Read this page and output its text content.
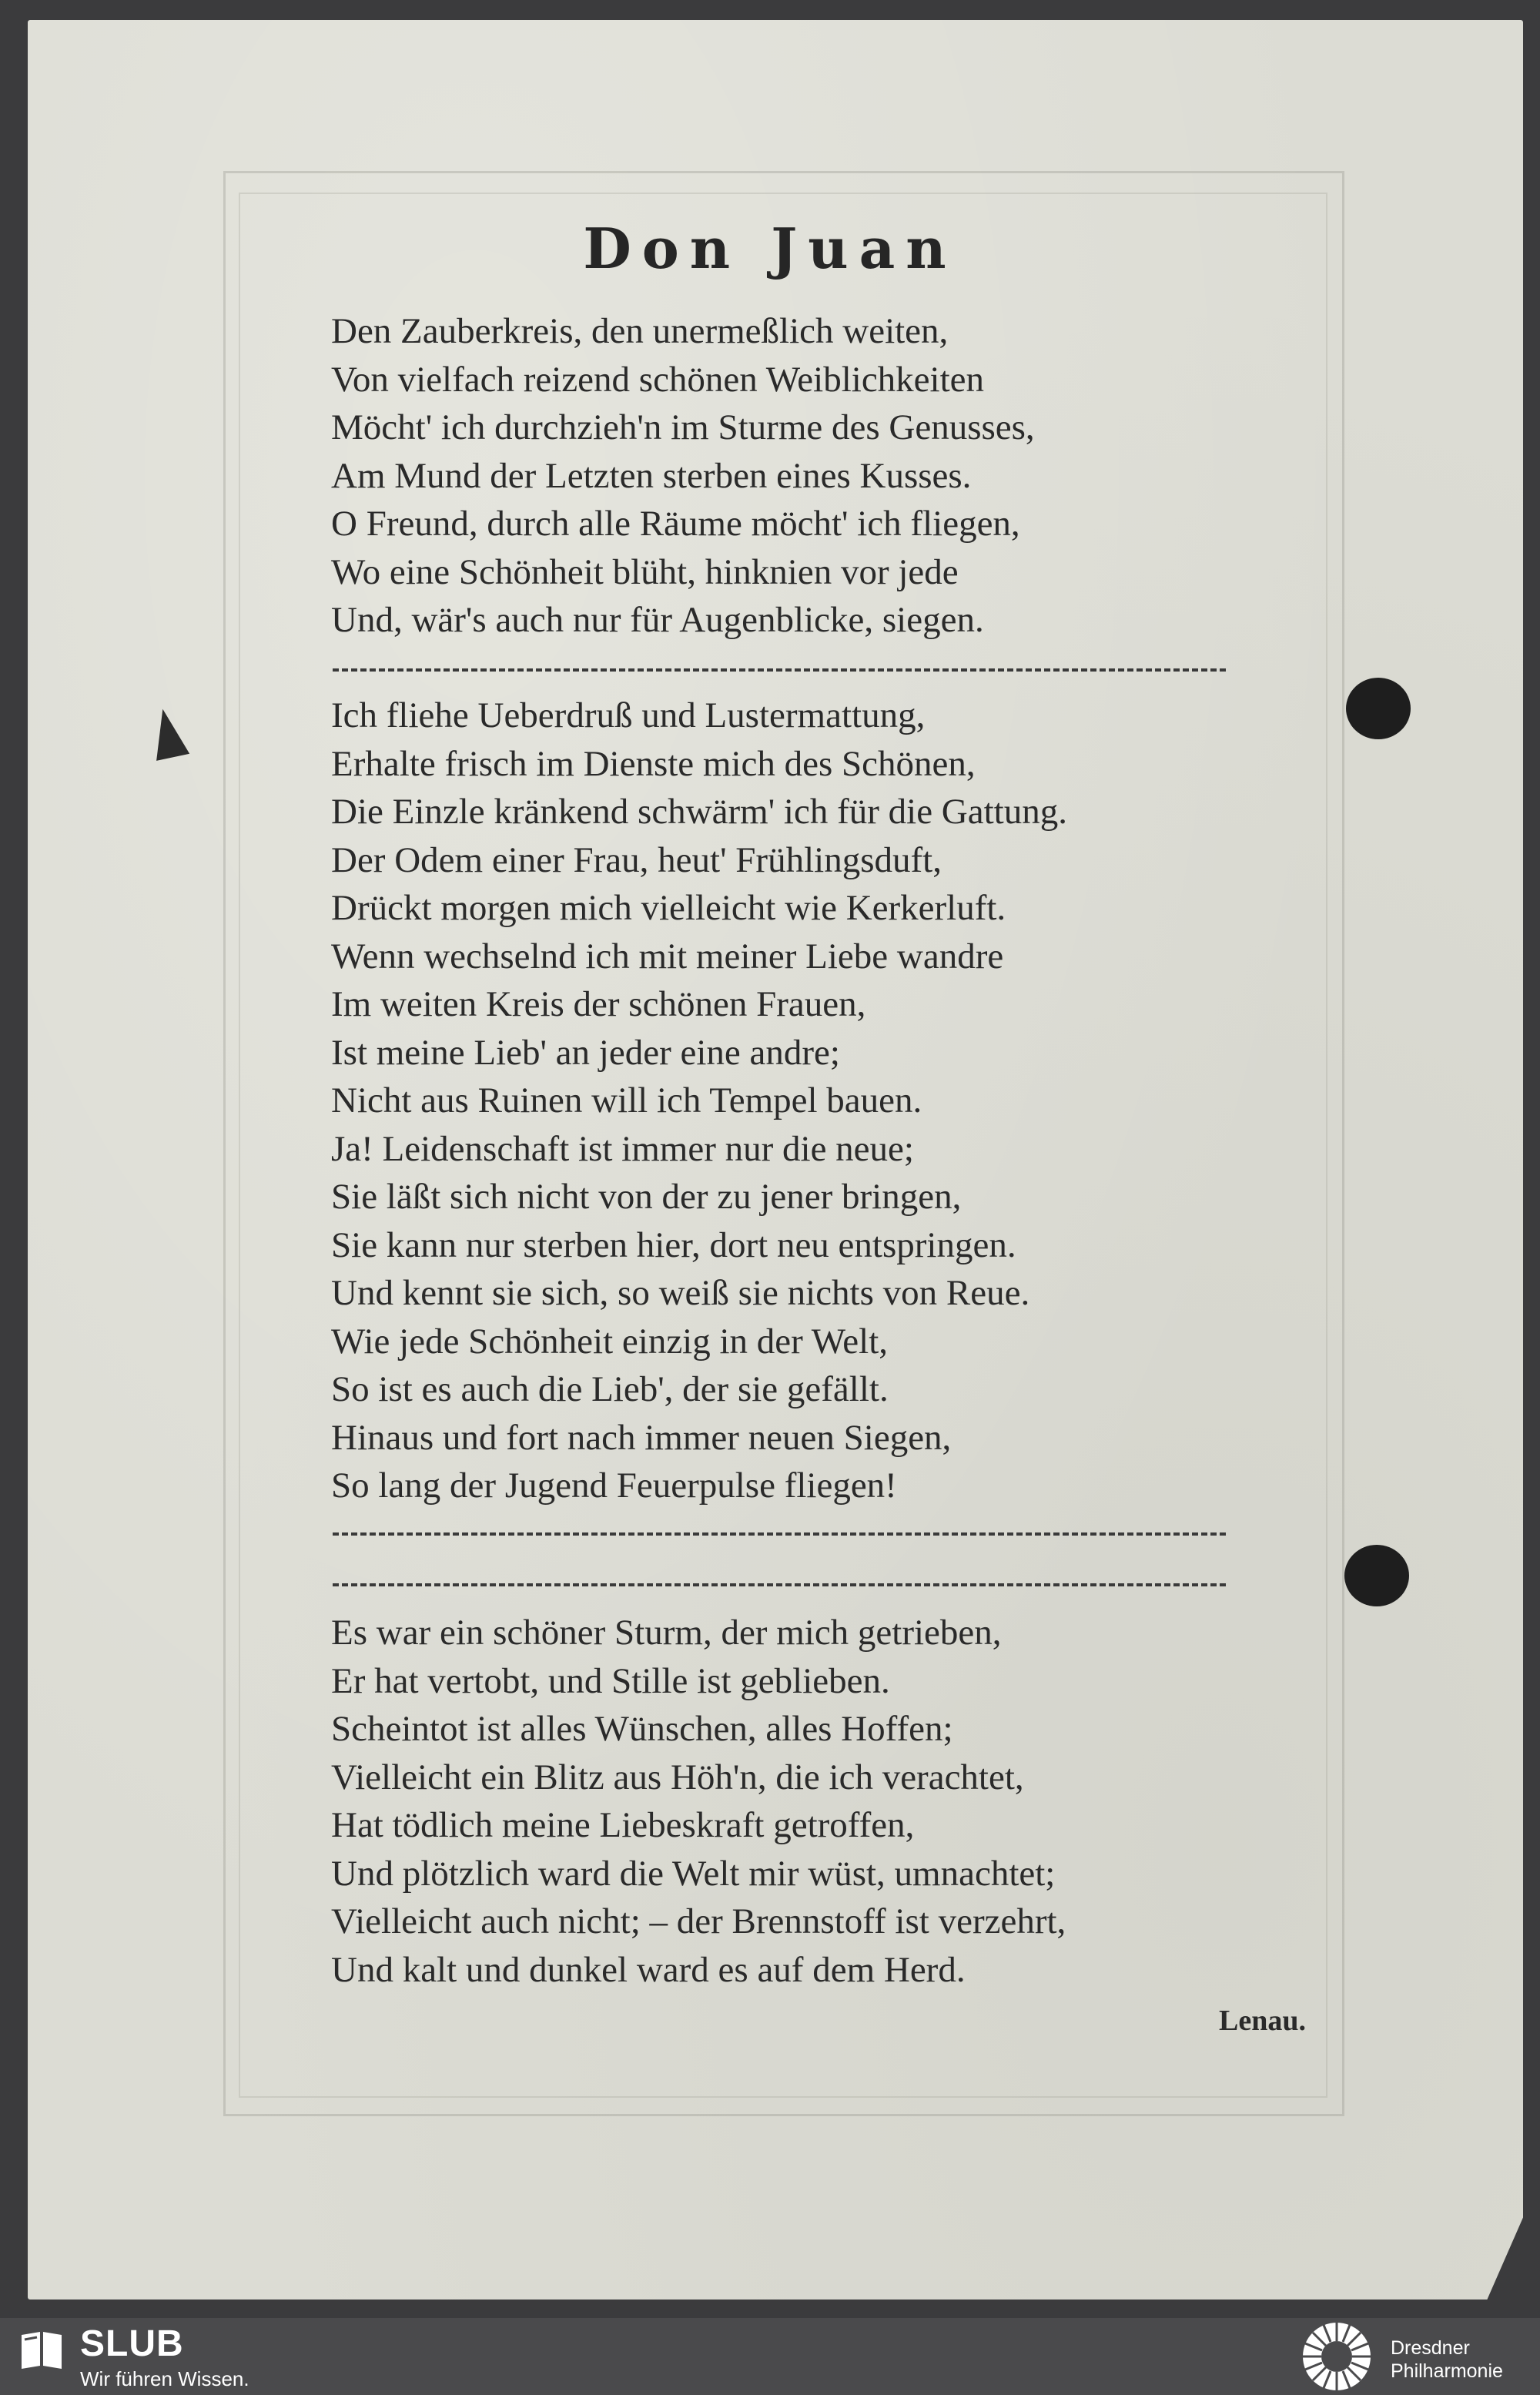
Don Juan
Den Zauberkreis, den unermeßlich weiten,
Von vielfach reizend schönen Weiblichkeiten
Möcht' ich durchzieh'n im Sturme des Genusses,
Am Mund der Letzten sterben eines Kusses.
O Freund, durch alle Räume möcht' ich fliegen,
Wo eine Schönheit blüht, hinknien vor jede
Und, wär's auch nur für Augenblicke, siegen.
Ich fliehe Ueberdruß und Lustermattung,
Erhalte frisch im Dienste mich des Schönen,
Die Einzle kränkend schwärm' ich für die Gattung.
Der Odem einer Frau, heut' Frühlingsduft,
Drückt morgen mich vielleicht wie Kerkerluft.
Wenn wechselnd ich mit meiner Liebe wandre
Im weiten Kreis der schönen Frauen,
Ist meine Lieb' an jeder eine andre;
Nicht aus Ruinen will ich Tempel bauen.
Ja! Leidenschaft ist immer nur die neue;
Sie läßt sich nicht von der zu jener bringen,
Sie kann nur sterben hier, dort neu entspringen.
Und kennt sie sich, so weiß sie nichts von Reue.
Wie jede Schönheit einzig in der Welt,
So ist es auch die Lieb', der sie gefällt.
Hinaus und fort nach immer neuen Siegen,
So lang der Jugend Feuerpulse fliegen!
Es war ein schöner Sturm, der mich getrieben,
Er hat vertobt, und Stille ist geblieben.
Scheintot ist alles Wünschen, alles Hoffen;
Vielleicht ein Blitz aus Höh'n, die ich verachtet,
Hat tödlich meine Liebeskraft getroffen,
Und plötzlich ward die Welt mir wüst, umnachtet;
Vielleicht auch nicht; – der Brennstoff ist verzehrt,
Und kalt und dunkel ward es auf dem Herd.
Lenau.
SLUB
Wir führen Wissen.
Dresdner
Philharmonie
